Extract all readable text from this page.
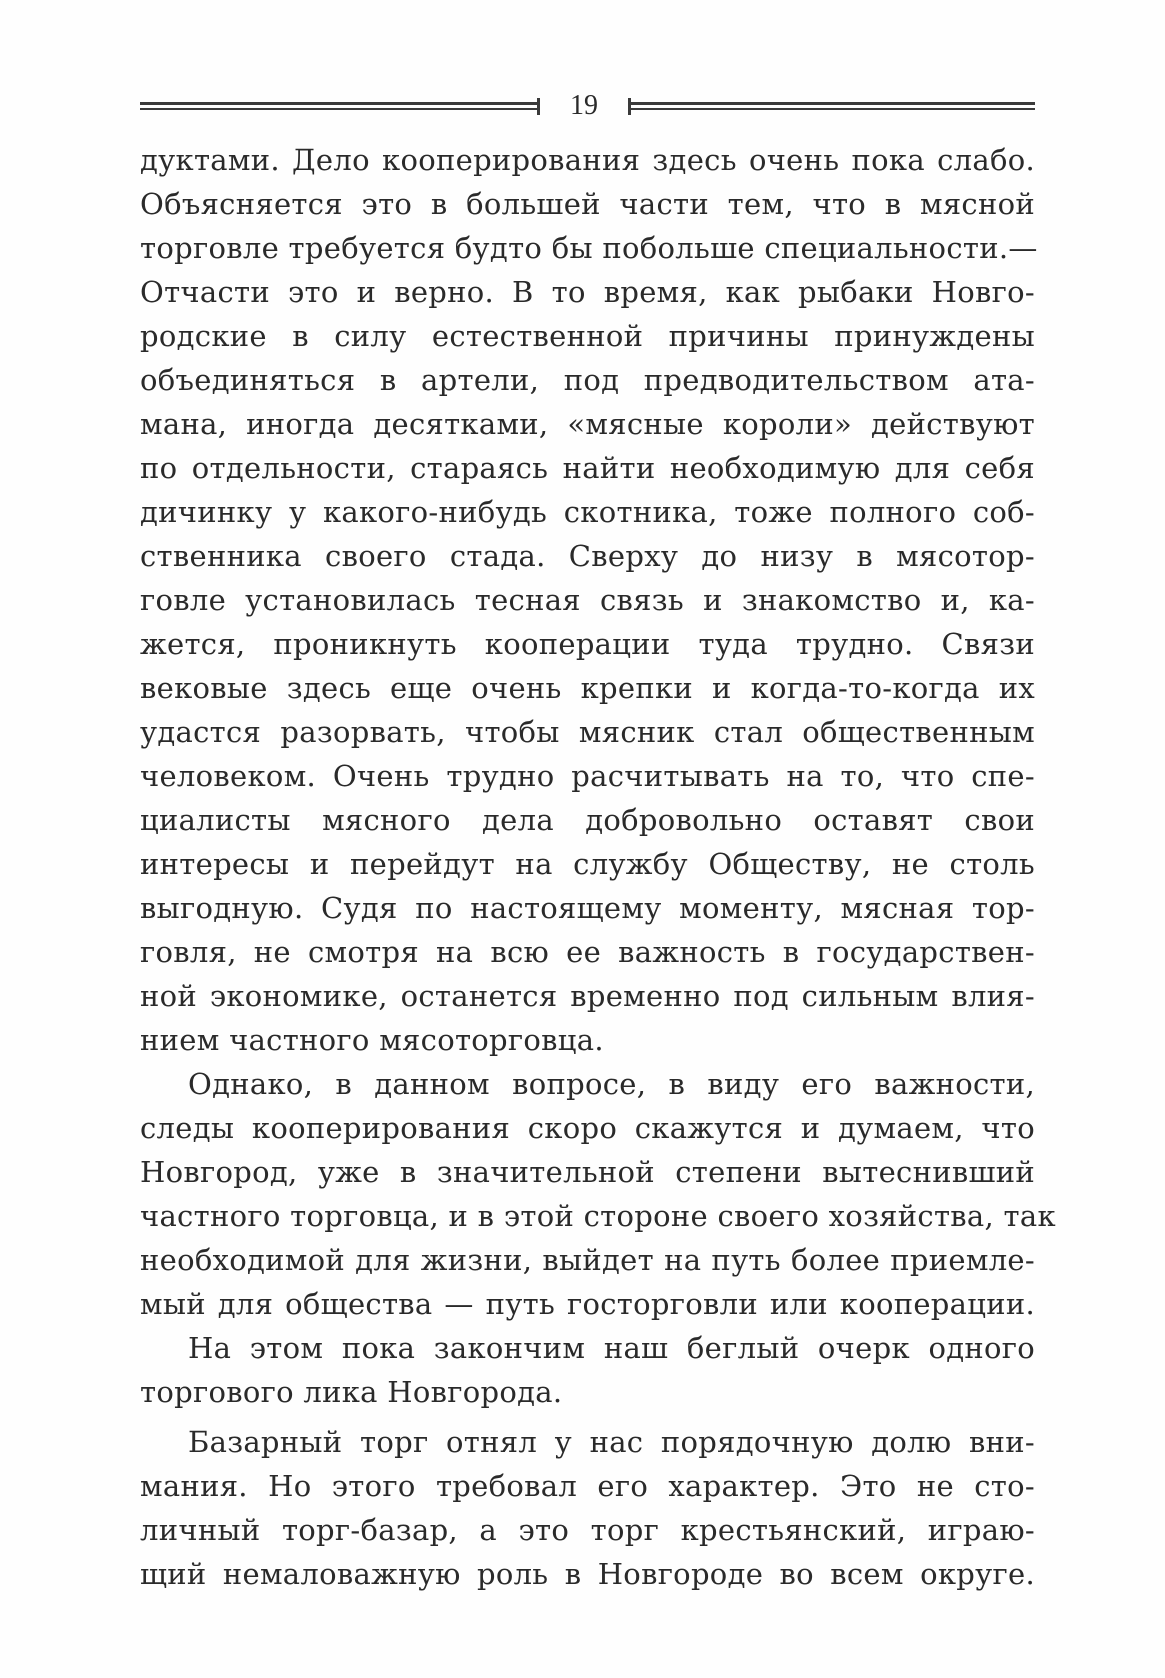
19
дуктами. Дело кооперирования здесь очень пока слабо.
Объясняется это в большей части тем, что в мясной
торговле требуется будто бы побольше специальности.—
Отчасти это и верно. В то время, как рыбаки Новго-
родские в силу естественной причины принуждены
объединяться в артели, под предводительством ата-
мана, иногда десятками, «мясные короли» действуют
по отдельности, стараясь найти необходимую для себя
дичинку у какого-нибудь скотника, тоже полного соб-
ственника своего стада. Сверху до низу в мясотор-
говле установилась тесная связь и знакомство и, ка-
жется, проникнуть кооперации туда трудно. Связи
вековые здесь еще очень крепки и когда-то-когда их
удастся разорвать, чтобы мясник стал общественным
человеком. Очень трудно расчитывать на то, что спе-
циалисты мясного дела добровольно оставят свои
интересы и перейдут на службу Обществу, не столь
выгодную. Судя по настоящему моменту, мясная тор-
говля, не смотря на всю ее важность в государствен-
ной экономике, останется временно под сильным влия-
нием частного мясоторговца.
Однако, в данном вопросе, в виду его важности,
следы кооперирования скоро скажутся и думаем, что
Новгород, уже в значительной степени вытеснивший
частного торговца, и в этой стороне своего хозяйства, так
необходимой для жизни, выйдет на путь более приемле-
мый для общества — путь госторговли или кооперации.
На этом пока закончим наш беглый очерк одного
торгового лика Новгорода.
Базарный торг отнял у нас порядочную долю вни-
мания. Но этого требовал его характер. Это не сто-
личный торг-базар, а это торг крестьянский, играю-
щий немаловажную роль в Новгороде во всем округе.
